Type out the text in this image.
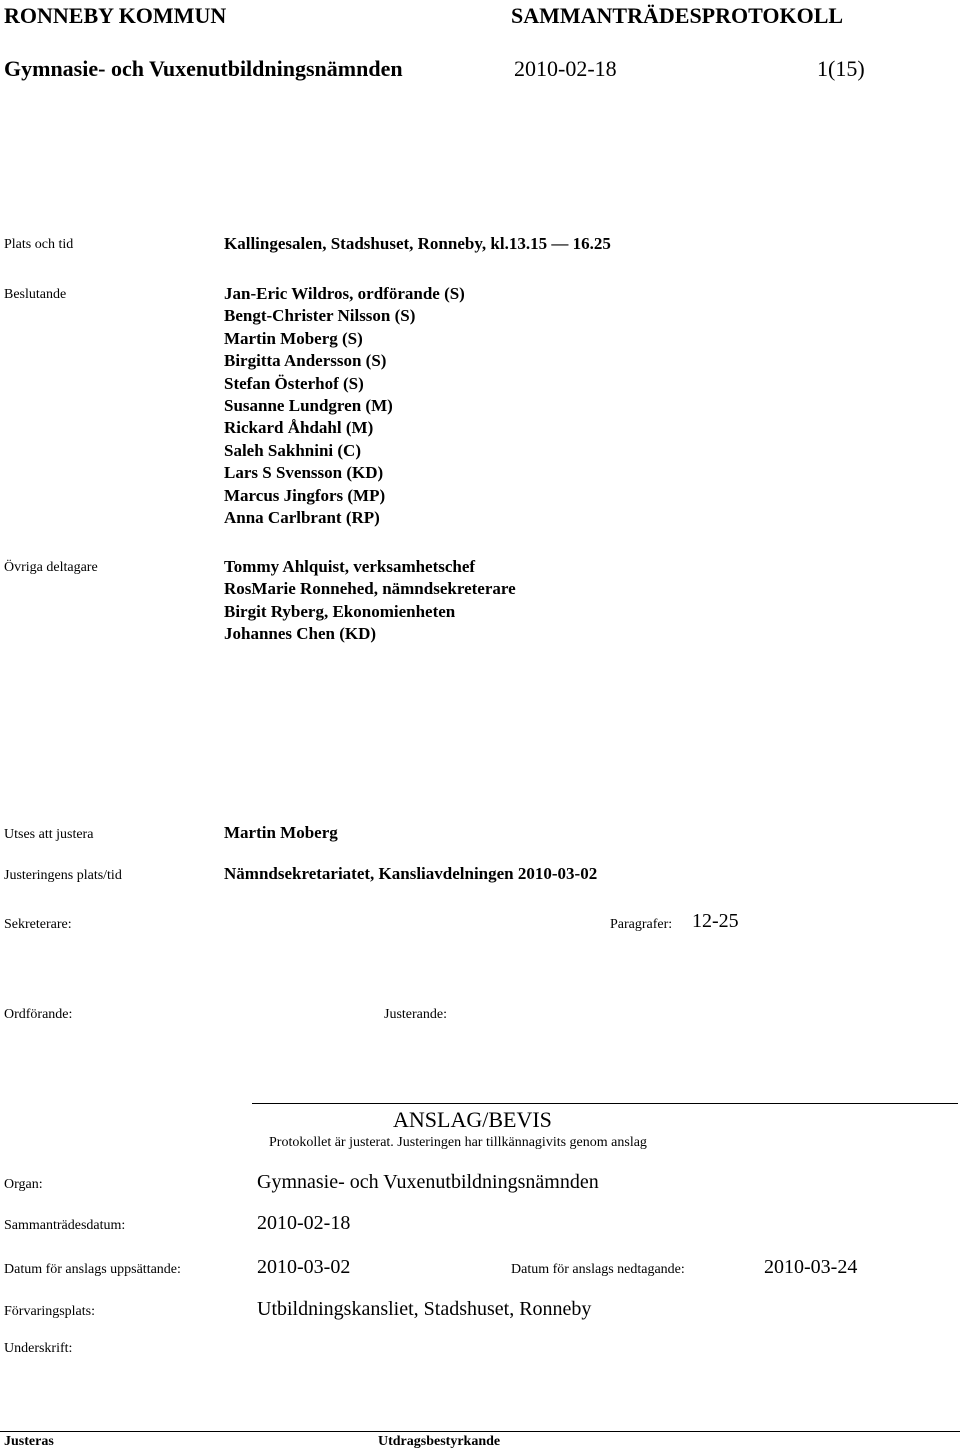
RONNEBY KOMMUN	SAMMANTRÄDESPROTOKOLL
Gymnasie- och Vuxenutbildningsnämnden	2010-02-18	1(15)
Plats och tid	Kallingesalen, Stadshuset, Ronneby, kl.13.15 — 16.25
Beslutande	Jan-Eric Wildros, ordförande (S)
Bengt-Christer Nilsson (S)
Martin Moberg (S)
Birgitta Andersson (S)
Stefan Österhof (S)
Susanne Lundgren (M)
Rickard Åhdahl (M)
Saleh Sakhnini (C)
Lars S Svensson (KD)
Marcus Jingfors (MP)
Anna Carlbrant (RP)
Övriga deltagare	Tommy Ahlquist, verksamhetschef
RosMarie Ronnehed, nämndsekreterare
Birgit Ryberg, Ekonomienheten
Johannes Chen (KD)
Utses att justera	Martin Moberg
Justeringens plats/tid	Nämndsekretariatet, Kansliavdelningen 2010-03-02
Sekreterare:	Paragrafer: 12-25
Ordförande:	Justerande:
ANSLAG/BEVIS
Protokollet är justerat. Justeringen har tillkännagivits genom anslag
Organ:	Gymnasie- och Vuxenutbildningsnämnden
Sammanträdesdatum:	2010-02-18
Datum för anslags uppsättande:	2010-03-02	Datum för anslags nedtagande:	2010-03-24
Förvaringsplats:	Utbildningskansliet, Stadshuset, Ronneby
Underskrift:
Justeras	Utdragsbestyrkande
